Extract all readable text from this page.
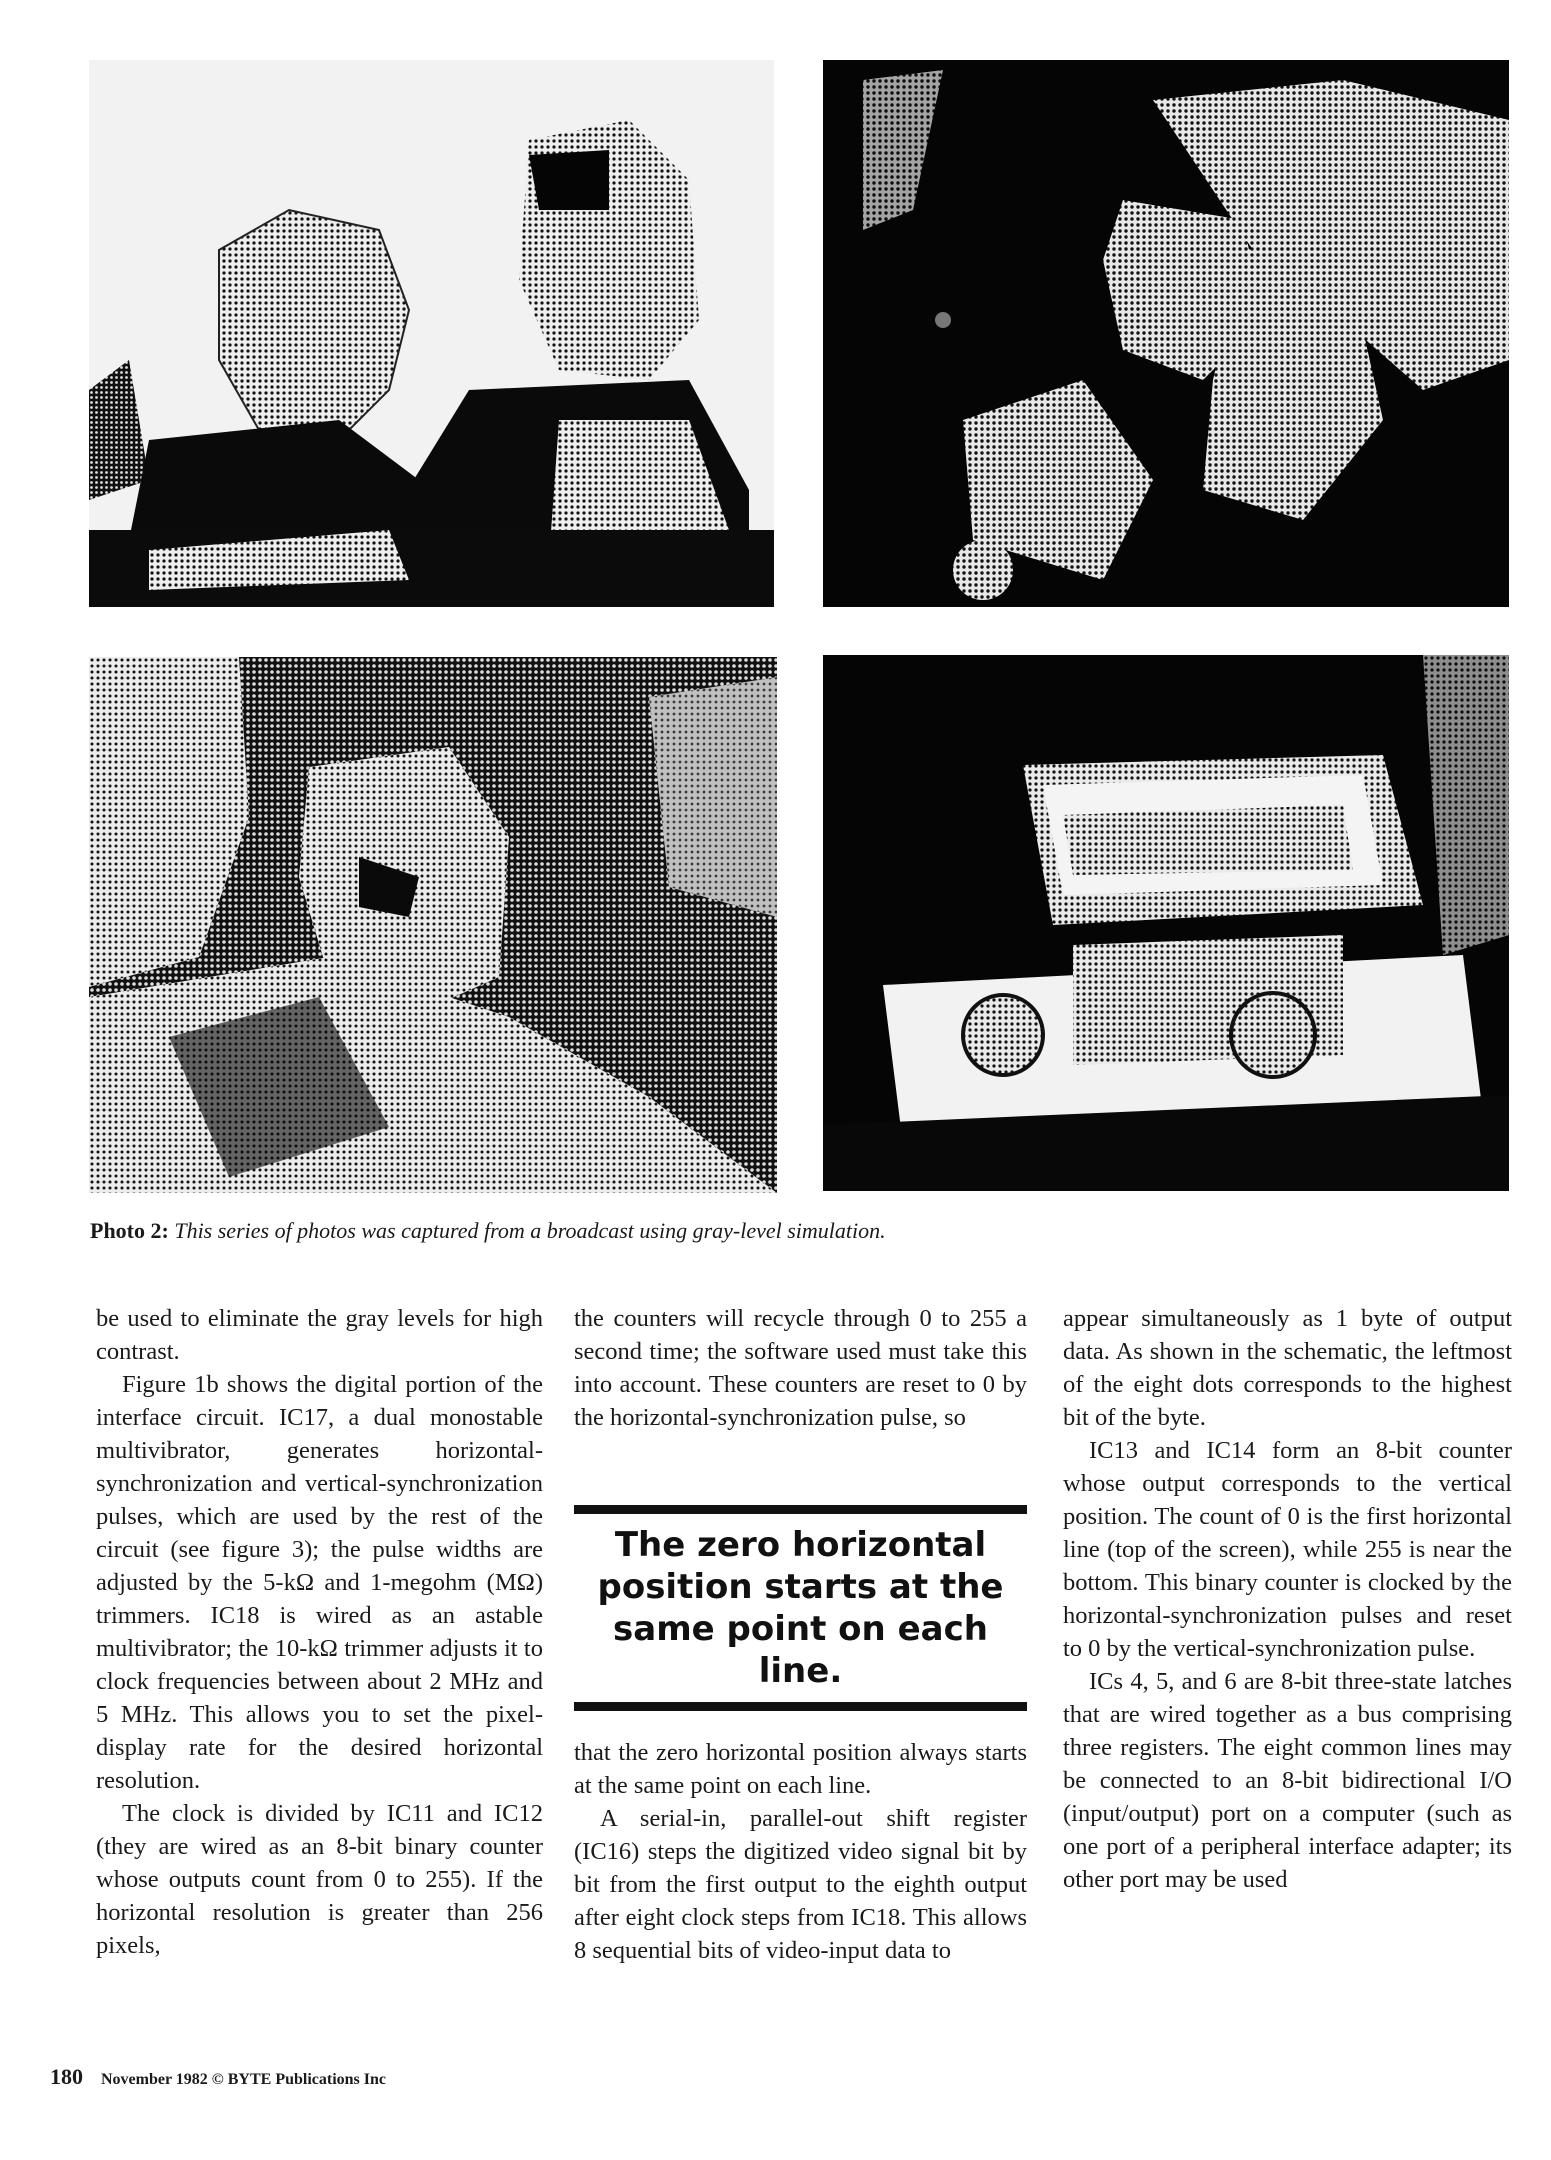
Photo 2: This series of photos was captured from a broadcast using gray-level simulation.

be used to eliminate the gray levels for high contrast.

Figure 1b shows the digital portion of the interface circuit. IC17, a dual monostable multivibrator, generates horizontal-synchronization and vertical-synchronization pulses, which are used by the rest of the circuit (see figure 3); the pulse widths are adjusted by the 5-kΩ and 1-megohm (MΩ) trimmers. IC18 is wired as an astable multivibrator; the 10-kΩ trimmer adjusts it to clock frequencies between about 2 MHz and 5 MHz. This allows you to set the pixel-display rate for the desired horizontal resolution.

The clock is divided by IC11 and IC12 (they are wired as an 8-bit binary counter whose outputs count from 0 to 255). If the horizontal resolution is greater than 256 pixels,

the counters will recycle through 0 to 255 a second time; the software used must take this into account. These counters are reset to 0 by the horizontal-synchronization pulse, so

The zero horizontal position starts at the same point on each line.

that the zero horizontal position always starts at the same point on each line.

A serial-in, parallel-out shift register (IC16) steps the digitized video signal bit by bit from the first output to the eighth output after eight clock steps from IC18. This allows 8 sequential bits of video-input data to

appear simultaneously as 1 byte of output data. As shown in the schematic, the leftmost of the eight dots corresponds to the highest bit of the byte.

IC13 and IC14 form an 8-bit counter whose output corresponds to the vertical position. The count of 0 is the first horizontal line (top of the screen), while 255 is near the bottom. This binary counter is clocked by the horizontal-synchronization pulses and reset to 0 by the vertical-synchronization pulse.

ICs 4, 5, and 6 are 8-bit three-state latches that are wired together as a bus comprising three registers. The eight common lines may be connected to an 8-bit bidirectional I/O (input/output) port on a computer (such as one port of a peripheral interface adapter; its other port may be used

180 November 1982 © BYTE Publications Inc
